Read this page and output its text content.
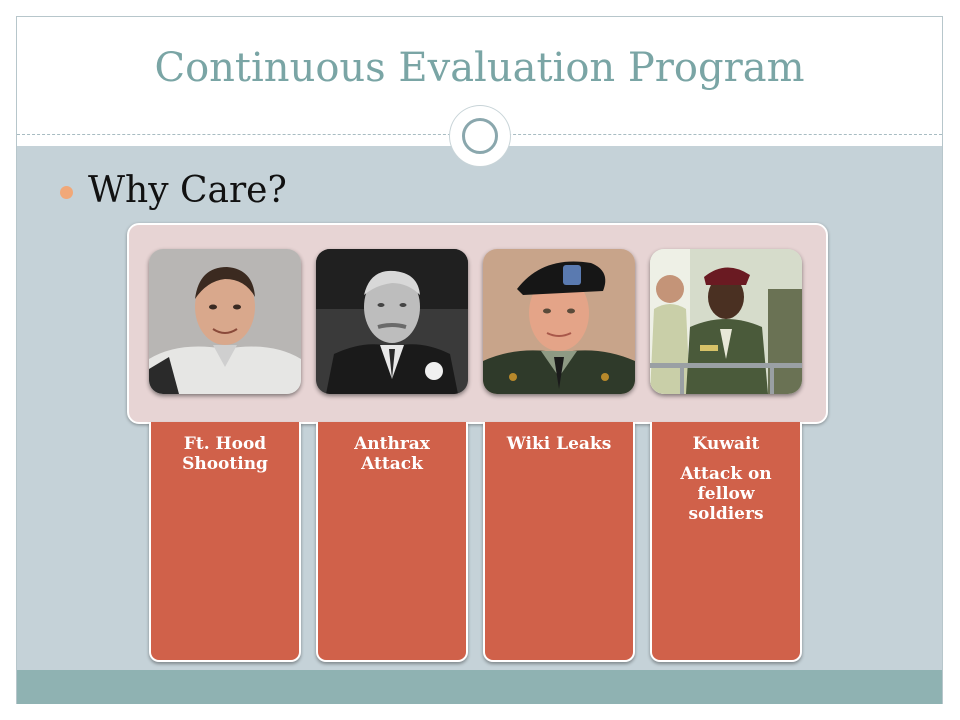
Continuous Evaluation Program
Why Care?
Ft. Hood Shooting
Anthrax Attack
Wiki Leaks	Kuwait
Attack on fellow soldiers
